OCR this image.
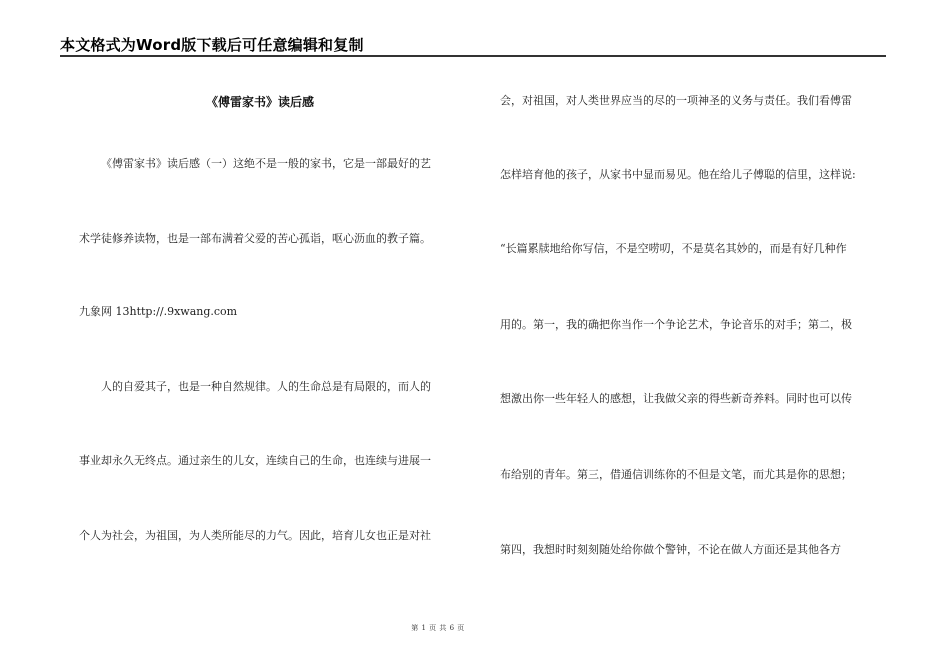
本文格式为Word版下载后可任意编辑和复制
《傅雷家书》读后感
《傅雷家书》读后感（一）这绝不是一般的家书，它是一部最好的艺
术学徒修养读物，也是一部布满着父爱的苦心孤诣，呕心沥血的教子篇。
九象网 13http://.9xwang.com
人的自爱其子，也是一种自然规律。人的生命总是有局限的，而人的
事业却永久无终点。通过亲生的儿女，连续自己的生命，也连续与进展一
个人为社会，为祖国，为人类所能尽的力气。因此，培育儿女也正是对社
会，对祖国，对人类世界应当的尽的一项神圣的义务与责任。我们看傅雷
怎样培育他的孩子，从家书中显而易见。他在给儿子傅聪的信里，这样说:
“长篇累牍地给你写信，不是空唠叨，不是莫名其妙的，而是有好几种作
用的。第一，我的确把你当作一个争论艺术，争论音乐的对手；第二，极
想激出你一些年轻人的感想，让我做父亲的得些新奇养料。同时也可以传
布给别的青年。第三，借通信训练你的不但是文笔，而尤其是你的思想；
第四，我想时时刻刻随处给你做个警钟，不论在做人方面还是其他各方
第 1 页 共 6 页
